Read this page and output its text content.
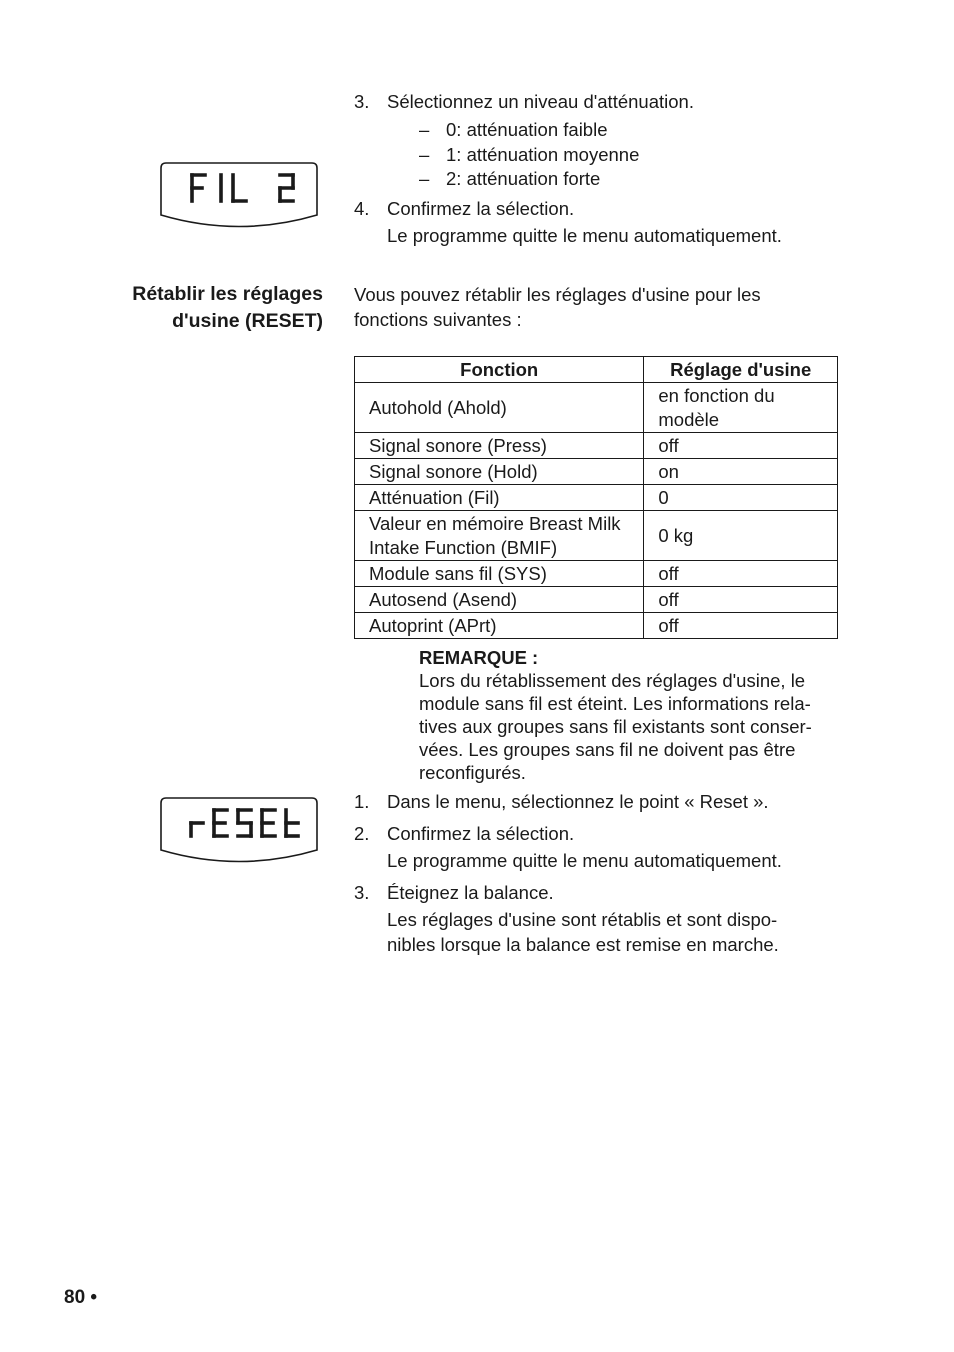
3. Sélectionnez un niveau d'atténuation.
– 0: atténuation faible
– 1: atténuation moyenne
– 2: atténuation forte
4. Confirmez la sélection.
Le programme quitte le menu automatiquement.
Rétablir les réglages
d'usine (RESET)
Vous pouvez rétablir les réglages d'usine pour les
fonctions suivantes :
Fonction	Réglage d'usine
Autohold (Ahold)	en fonction du
modèle

Signal sonore (Press)	off
Signal sonore (Hold)	on
Atténuation (Fil)	0

Valeur en mémoire Breast Milk
Intake Function (BMIF)	0 kg
Module sans fil (SYS)	off
Autosend (Asend)	off
Autoprint (APrt)	off
REMARQUE :
Lors du rétablissement des réglages d'usine, le
module sans fil est éteint. Les informations rela-
tives aux groupes sans fil existants sont conser-
vées. Les groupes sans fil ne doivent pas être
reconfigurés.
1. Dans le menu, sélectionnez le point « Reset ».
2. Confirmez la sélection.
Le programme quitte le menu automatiquement.
3. Éteignez la balance.
Les réglages d'usine sont rétablis et sont dispo-
nibles lorsque la balance est remise en marche.
80 •
